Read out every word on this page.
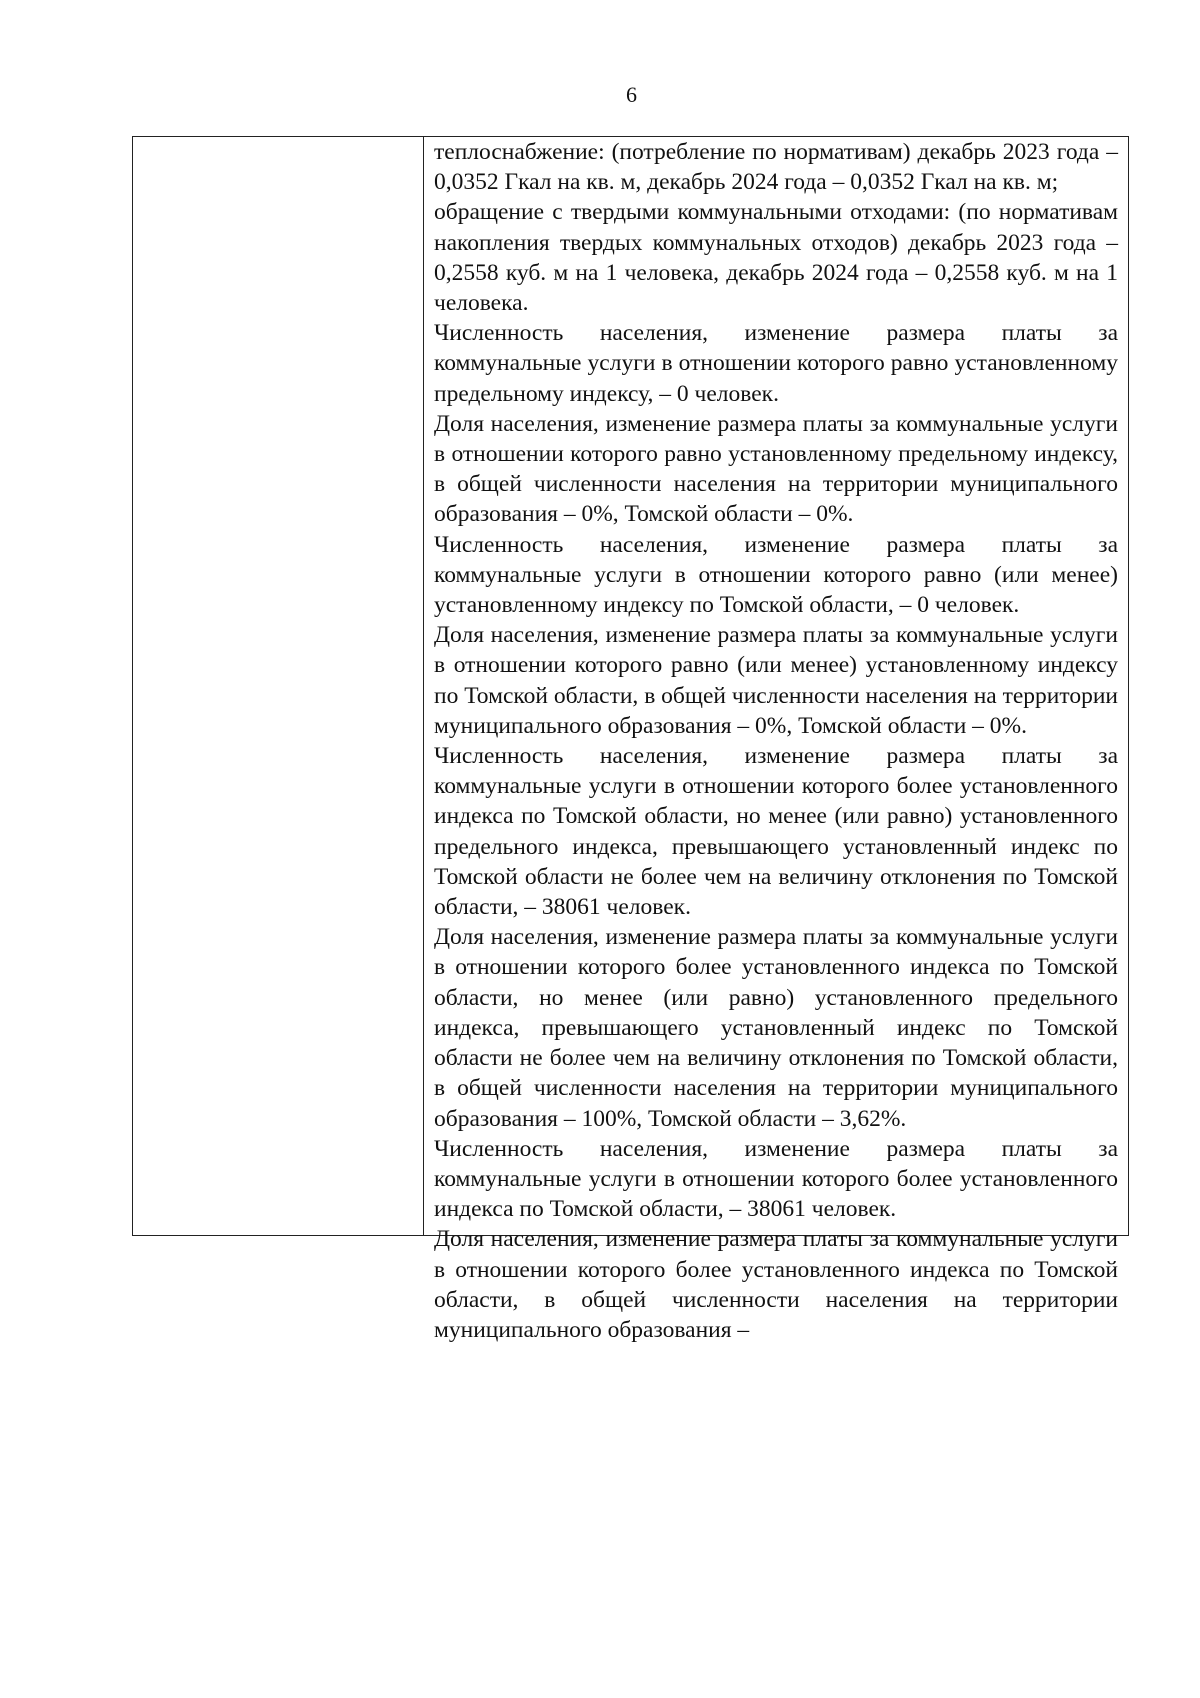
6

теплоснабжение: (потребление по нормативам) декабрь 2023 года – 0,0352 Гкал на кв. м, декабрь 2024 года – 0,0352 Гкал на кв. м;

обращение с твердыми коммунальными отходами: (по нормативам накопления твердых коммунальных отходов) декабрь 2023 года – 0,2558 куб. м на 1 человека, декабрь 2024 года – 0,2558 куб. м на 1 человека.

Численность населения, изменение размера платы за коммунальные услуги в отношении которого равно установленному предельному индексу, – 0 человек.

Доля населения, изменение размера платы за коммунальные услуги в отношении которого равно установленному предельному индексу, в общей численности населения на территории муниципального образования – 0%, Томской области – 0%.

Численность населения, изменение размера платы за коммунальные услуги в отношении которого равно (или менее) установленному индексу по Томской области, – 0 человек.

Доля населения, изменение размера платы за коммунальные услуги в отношении которого равно (или менее) установленному индексу по Томской области, в общей численности населения на территории муниципального образования – 0%, Томской области – 0%.

Численность населения, изменение размера платы за коммунальные услуги в отношении которого более установленного индекса по Томской области, но менее (или равно) установленного предельного индекса, превышающего установленный индекс по Томской области не более чем на величину отклонения по Томской области, – 38061 человек.

Доля населения, изменение размера платы за коммунальные услуги в отношении которого более установленного индекса по Томской области, но менее (или равно) установленного предельного индекса, превышающего установленный индекс по Томской области не более чем на величину отклонения по Томской области, в общей численности населения на территории муниципального образования – 100%, Томской области – 3,62%.

Численность населения, изменение размера платы за коммунальные услуги в отношении которого более установленного индекса по Томской области, – 38061 человек.

Доля населения, изменение размера платы за коммунальные услуги в отношении которого более установленного индекса по Томской области, в общей численности населения на территории муниципального образования –
